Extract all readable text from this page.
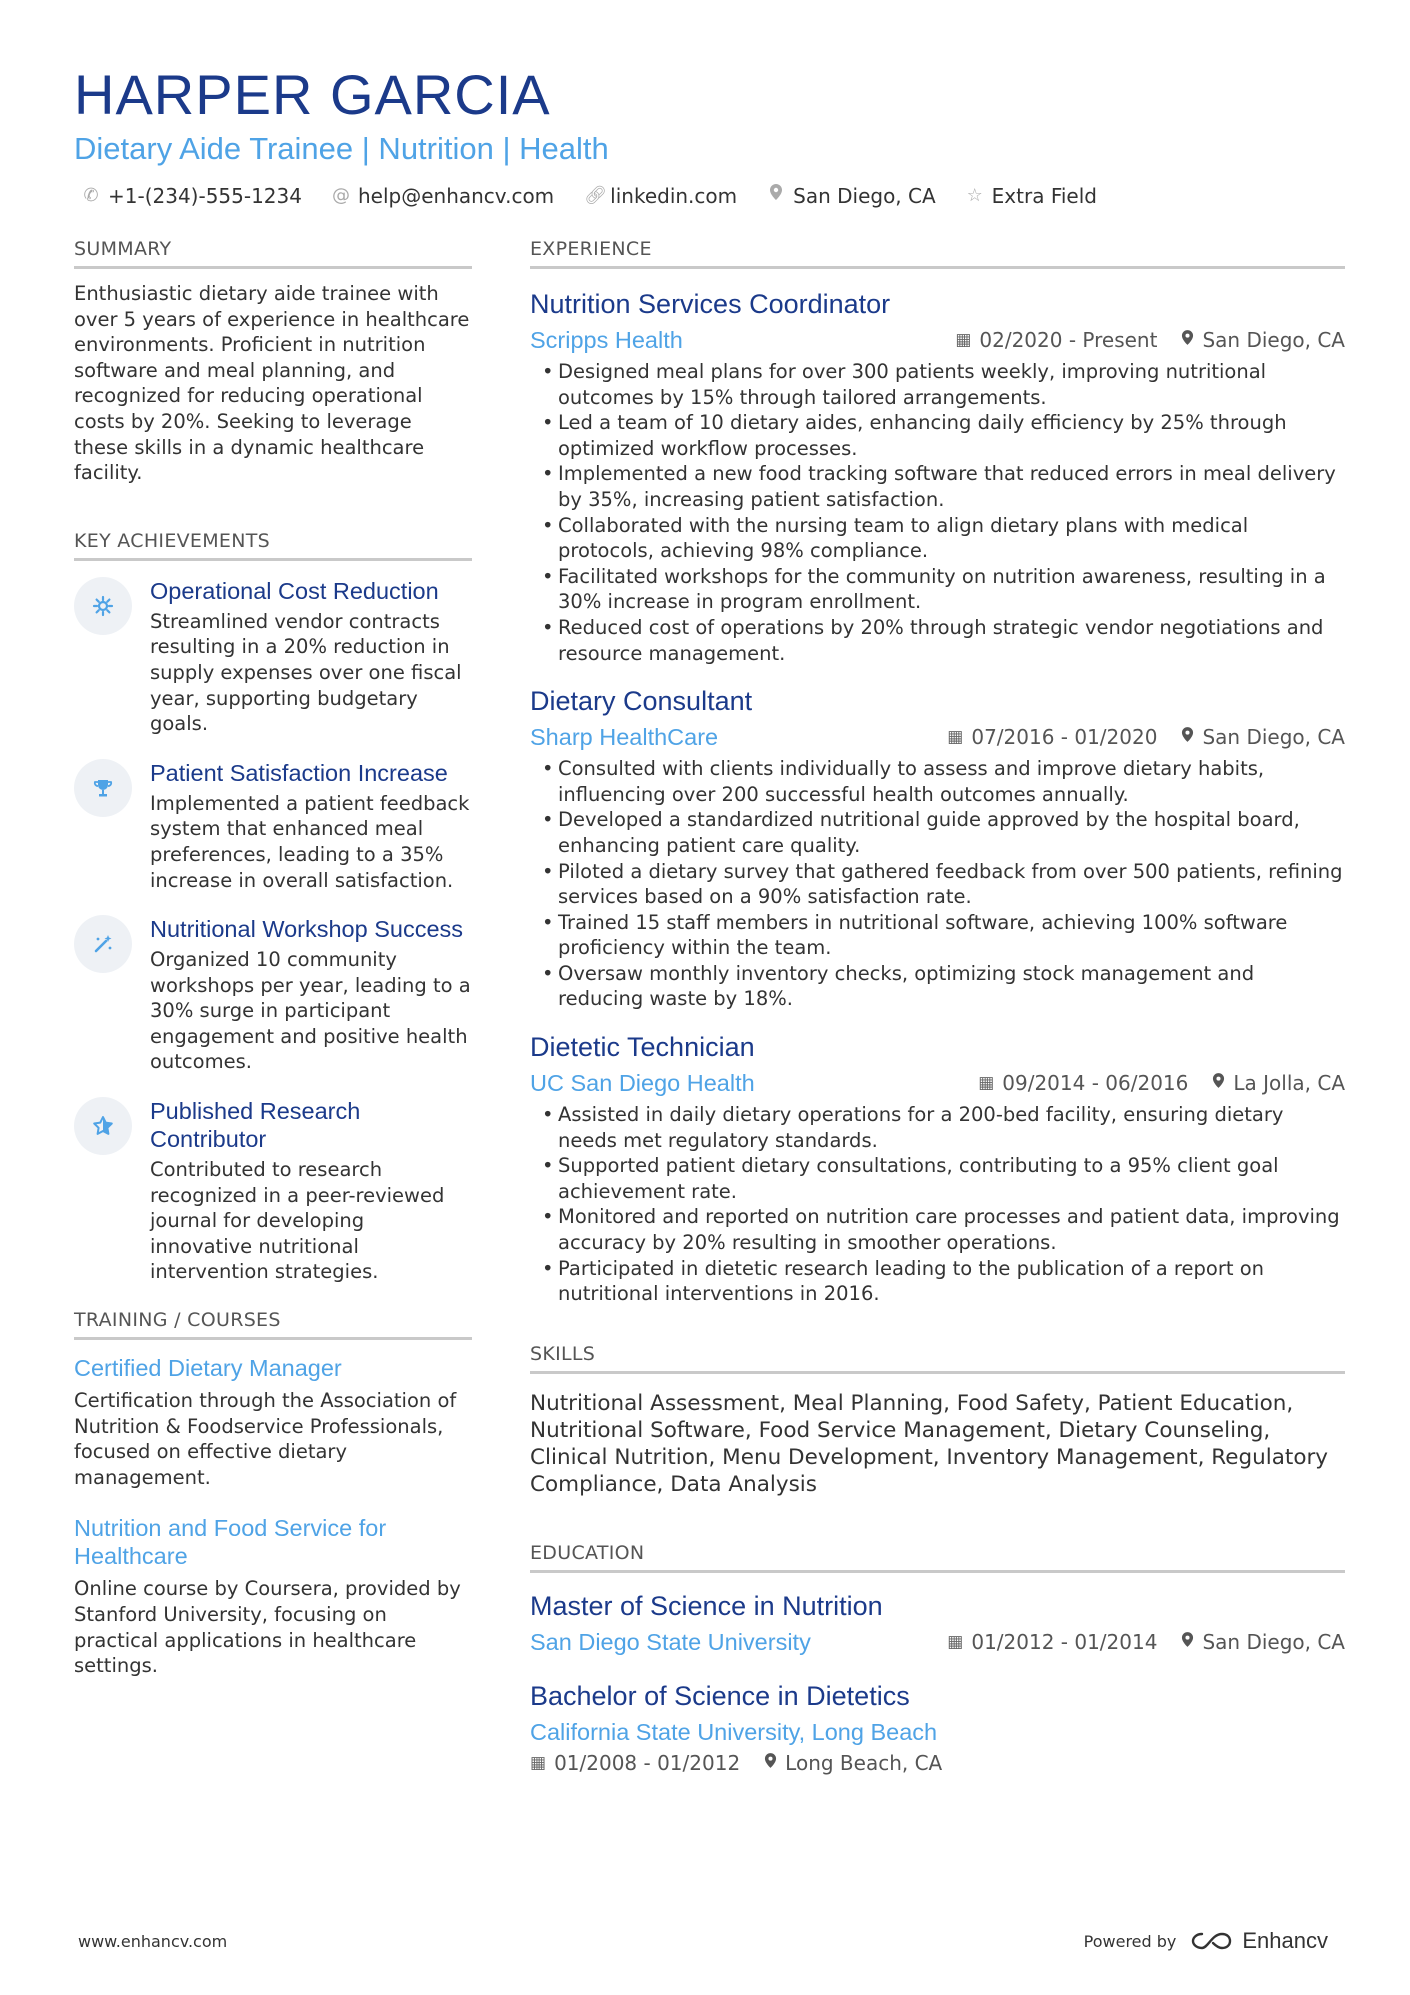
HARPER GARCIA
Dietary Aide Trainee | Nutrition | Health
✆ +1-(234)-555-1234 @ help@enhancv.com 🔗︎ linkedin.com	San Diego, CA ☆ Extra Field
SUMMARY
Enthusiastic dietary aide trainee with over 5 years of experience in healthcare environments. Proficient in nutrition software and meal planning, and recognized for reducing operational costs by 20%. Seeking to leverage these skills in a dynamic healthcare facility.
KEY ACHIEVEMENTS
Operational Cost Reduction
Streamlined vendor contracts resulting in a 20% reduction in supply expenses over one fiscal year, supporting budgetary goals.
Patient Satisfaction Increase
Implemented a patient feedback system that enhanced meal preferences, leading to a 35% increase in overall satisfaction.
Nutritional Workshop Success
Organized 10 community workshops per year, leading to a 30% surge in participant engagement and positive health outcomes.
Published Research Contributor
Contributed to research recognized in a peer-reviewed journal for developing innovative nutritional intervention strategies.
TRAINING / COURSES
Certified Dietary Manager
Certification through the Association of Nutrition & Foodservice Professionals, focused on effective dietary management.
Nutrition and Food Service for Healthcare
Online course by Coursera, provided by Stanford University, focusing on practical applications in healthcare settings.
EXPERIENCE
Nutrition Services Coordinator
Scripps Health	▦ 02/2020 - Present San Diego, CA
• Designed meal plans for over 300 patients weekly, improving nutritional outcomes by 15% through tailored arrangements.
• Led a team of 10 dietary aides, enhancing daily efficiency by 25% through optimized workflow processes.
• Implemented a new food tracking software that reduced errors in meal delivery by 35%, increasing patient satisfaction.
• Collaborated with the nursing team to align dietary plans with medical protocols, achieving 98% compliance.
• Facilitated workshops for the community on nutrition awareness, resulting in a 30% increase in program enrollment.
• Reduced cost of operations by 20% through strategic vendor negotiations and resource management.
Dietary Consultant
Sharp HealthCare	▦ 07/2016 - 01/2020 San Diego, CA
• Consulted with clients individually to assess and improve dietary habits, influencing over 200 successful health outcomes annually.
• Developed a standardized nutritional guide approved by the hospital board, enhancing patient care quality.
• Piloted a dietary survey that gathered feedback from over 500 patients, refining services based on a 90% satisfaction rate.
• Trained 15 staff members in nutritional software, achieving 100% software proficiency within the team.
• Oversaw monthly inventory checks, optimizing stock management and reducing waste by 18%.
Dietetic Technician
UC San Diego Health	▦ 09/2014 - 06/2016 La Jolla, CA
• Assisted in daily dietary operations for a 200-bed facility, ensuring dietary needs met regulatory standards.
• Supported patient dietary consultations, contributing to a 95% client goal achievement rate.
• Monitored and reported on nutrition care processes and patient data, improving accuracy by 20% resulting in smoother operations.
• Participated in dietetic research leading to the publication of a report on nutritional interventions in 2016.
SKILLS
Nutritional Assessment, Meal Planning, Food Safety, Patient Education, Nutritional Software, Food Service Management, Dietary Counseling, Clinical Nutrition, Menu Development, Inventory Management, Regulatory Compliance, Data Analysis
EDUCATION
Master of Science in Nutrition
San Diego State University	▦ 01/2012 - 01/2014 San Diego, CA
Bachelor of Science in Dietetics
California State University, Long Beach
▦ 01/2008 - 01/2012 Long Beach, CA
www.enhancv.com	Powered by	Enhancv
